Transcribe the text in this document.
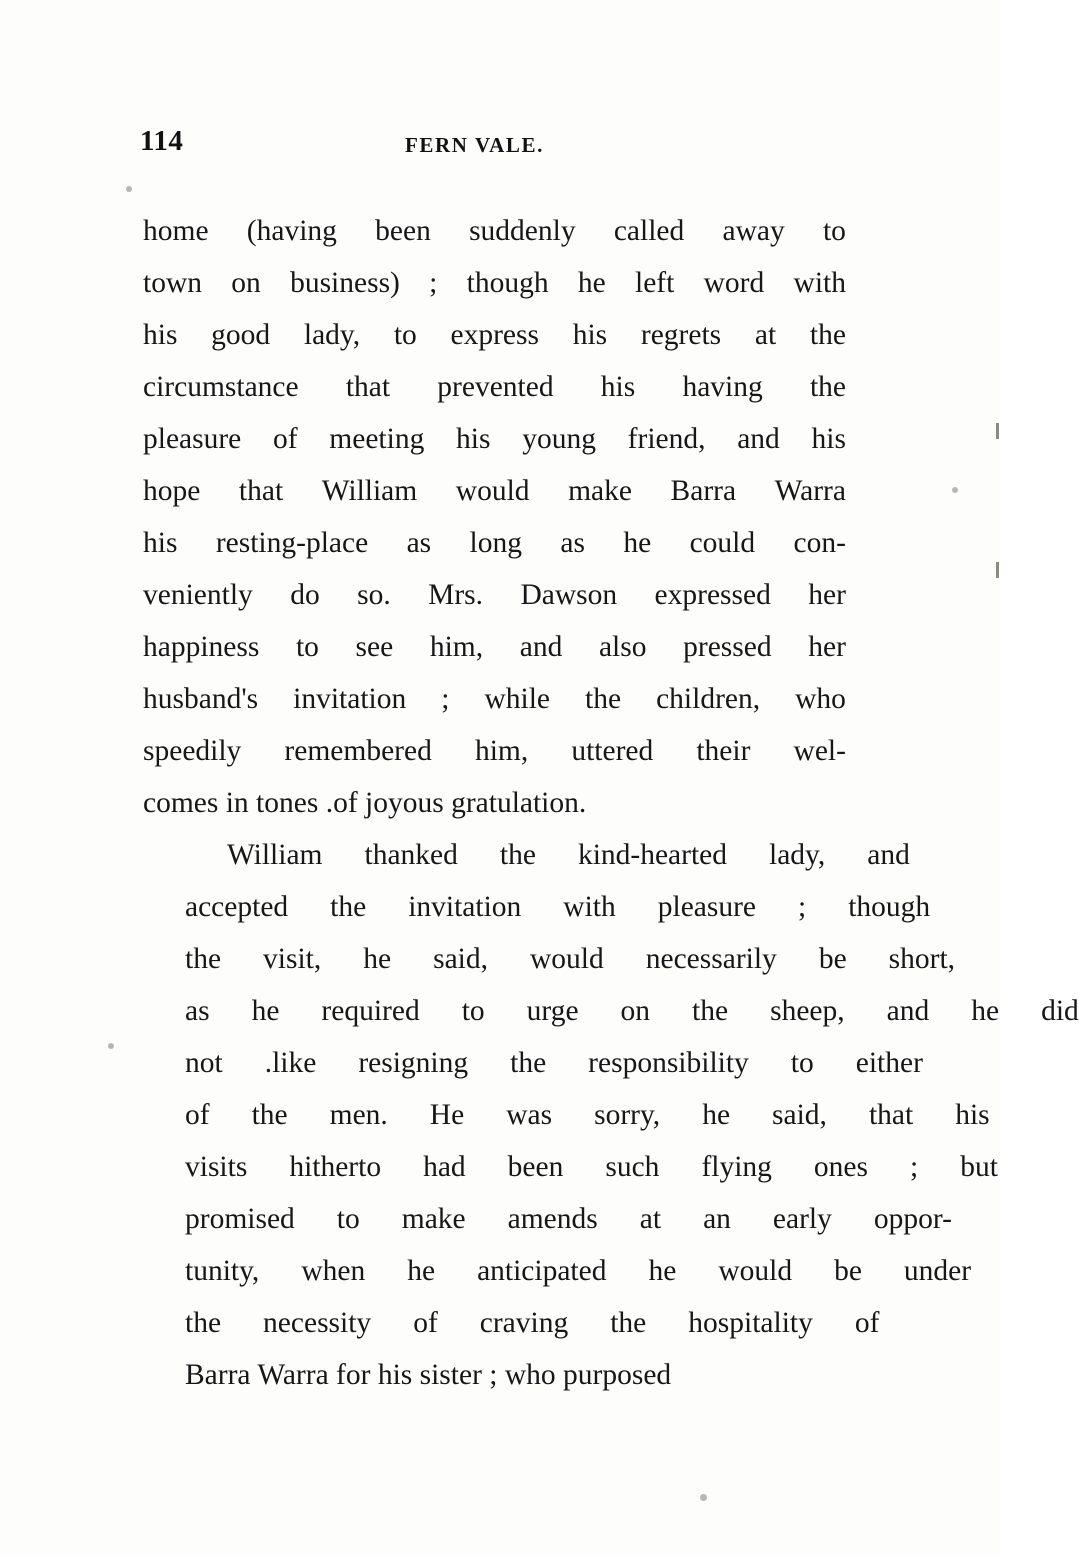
114	FERN VALE.
home (having been suddenly called away to
town on business) ; though he left word with
his good lady, to express his regrets at the
circumstance that prevented his having the
pleasure of meeting his young friend, and his
hope that William would make Barra Warra
his resting-place as long as he could con-
veniently do so. Mrs. Dawson expressed her
happiness to see him, and also pressed her
husband's invitation ; while the children, who
speedily remembered him, uttered their wel-
comes in tones .of joyous gratulation.
William	thanked	the	kind-hearted	lady,	and
accepted	the	invitation	with	pleasure	;	though
the	visit,	he	said,	would	necessarily	be	short,
as	he	required	to	urge	on	the	sheep,	and	he	did
not	.like	resigning	the	responsibility	to	either
of	the	men.	He	was	sorry,	he	said,	that	his
visits	hitherto	had	been	such	flying	ones	;	but
promised	to	make	amends	at	an	early	oppor-
tunity,	when	he	anticipated	he	would	be	under
the	necessity	of	craving	the	hospitality	of
Barra Warra for his sister ; who purposed
